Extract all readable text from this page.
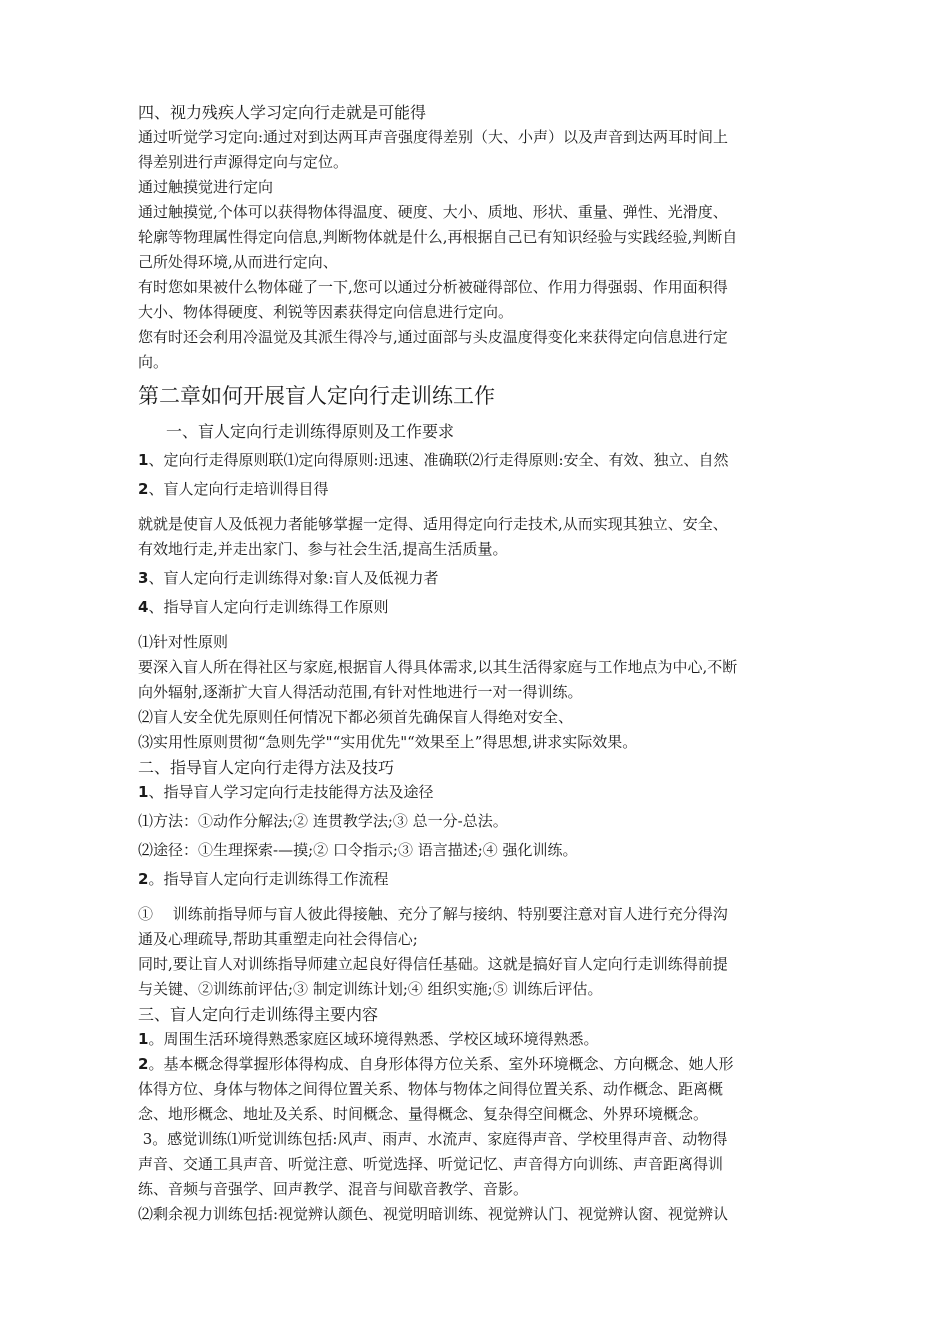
四、视力残疾人学习定向行走就是可能得

通过听觉学习定向:通过对到达两耳声音强度得差别（大、小声）以及声音到达两耳时间上
得差别进行声源得定向与定位。

通过触摸觉进行定向

通过触摸觉,个体可以获得物体得温度、硬度、大小、质地、形状、重量、弹性、光滑度、
轮廓等物理属性得定向信息,判断物体就是什么,再根据自己已有知识经验与实践经验,判断自
己所处得环境,从而进行定向、

有时您如果被什么物体碰了一下,您可以通过分析被碰得部位、作用力得强弱、作用面积得
大小、物体得硬度、利锐等因素获得定向信息进行定向。

您有时还会利用冷温觉及其派生得冷与,通过面部与头皮温度得变化来获得定向信息进行定
向。

第二章如何开展盲人定向行走训练工作

一、盲人定向行走训练得原则及工作要求

1、定向行走得原则联⑴定向得原则:迅速、准确联⑵行走得原则:安全、有效、独立、自然

2、盲人定向行走培训得目得

就就是使盲人及低视力者能够掌握一定得、适用得定向行走技术,从而实现其独立、安全、
有效地行走,并走出家门、参与社会生活,提高生活质量。

3、盲人定向行走训练得对象:盲人及低视力者

4、指导盲人定向行走训练得工作原则

⑴针对性原则

要深入盲人所在得社区与家庭,根据盲人得具体需求,以其生活得家庭与工作地点为中心,不断
向外辐射,逐渐扩大盲人得活动范围,有针对性地进行一对一得训练。

⑵盲人安全优先原则任何情况下都必须首先确保盲人得绝对安全、

⑶实用性原则贯彻“急则先学"“实用优先"“效果至上”得思想,讲求实际效果。

二、指导盲人定向行走得方法及技巧

1、指导盲人学习定向行走技能得方法及途径

⑴方法：①动作分解法;② 连贯教学法;③ 总一分-总法。

⑵途径：①生理探索-—摸;② 口令指示;③ 语言描述;④ 强化训练。

2。指导盲人定向行走训练得工作流程

①　 训练前指导师与盲人彼此得接触、充分了解与接纳、特别要注意对盲人进行充分得沟
通及心理疏导,帮助其重塑走向社会得信心;

同时,要让盲人对训练指导师建立起良好得信任基础。这就是搞好盲人定向行走训练得前提
与关键、②训练前评估;③ 制定训练计划;④ 组织实施;⑤ 训练后评估。

三、盲人定向行走训练得主要内容

1。周围生活环境得熟悉家庭区域环境得熟悉、学校区域环境得熟悉。

2。基本概念得掌握形体得构成、自身形体得方位关系、室外环境概念、方向概念、她人形
体得方位、身体与物体之间得位置关系、物体与物体之间得位置关系、动作概念、距离概
念、地形概念、地址及关系、时间概念、量得概念、复杂得空间概念、外界环境概念。

3。感觉训练⑴听觉训练包括:风声、雨声、水流声、家庭得声音、学校里得声音、动物得
声音、交通工具声音、听觉注意、听觉选择、听觉记忆、声音得方向训练、声音距离得训
练、音频与音强学、回声教学、混音与间歇音教学、音影。

⑵剩余视力训练包括:视觉辨认颜色、视觉明暗训练、视觉辨认门、视觉辨认窗、视觉辨认
